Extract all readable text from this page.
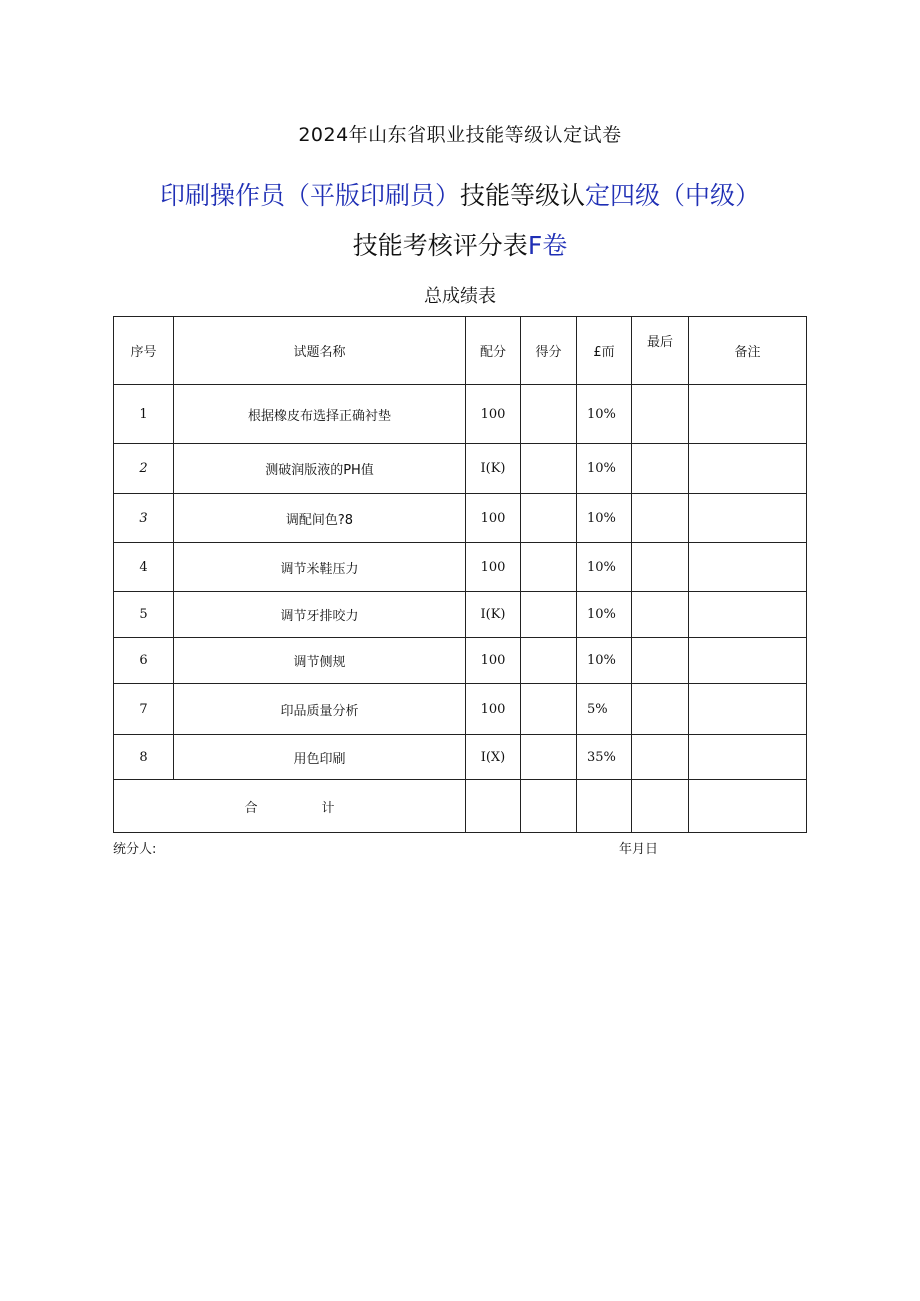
2024年山东省职业技能等级认定试卷
印刷操作员（平版印刷员）技能等级认定四级（中级）
技能考核评分表F卷
总成绩表
序号	试题名称	配分	得分	£而	最后	备注
1	根据橡皮布选择正确衬垫	100		10%		
2	测破润版液的PH值	I(K)		10%		
3	调配间色?8	100		10%		
4	调节米鞋压力	100		10%		
5	调节牙排咬力	I(K)		10%		
6	调节侧规	100		10%		
7	印品质量分析	100		5%		
8	用色印刷	I(X)		35%		
合 计						
统分人:	年月日
